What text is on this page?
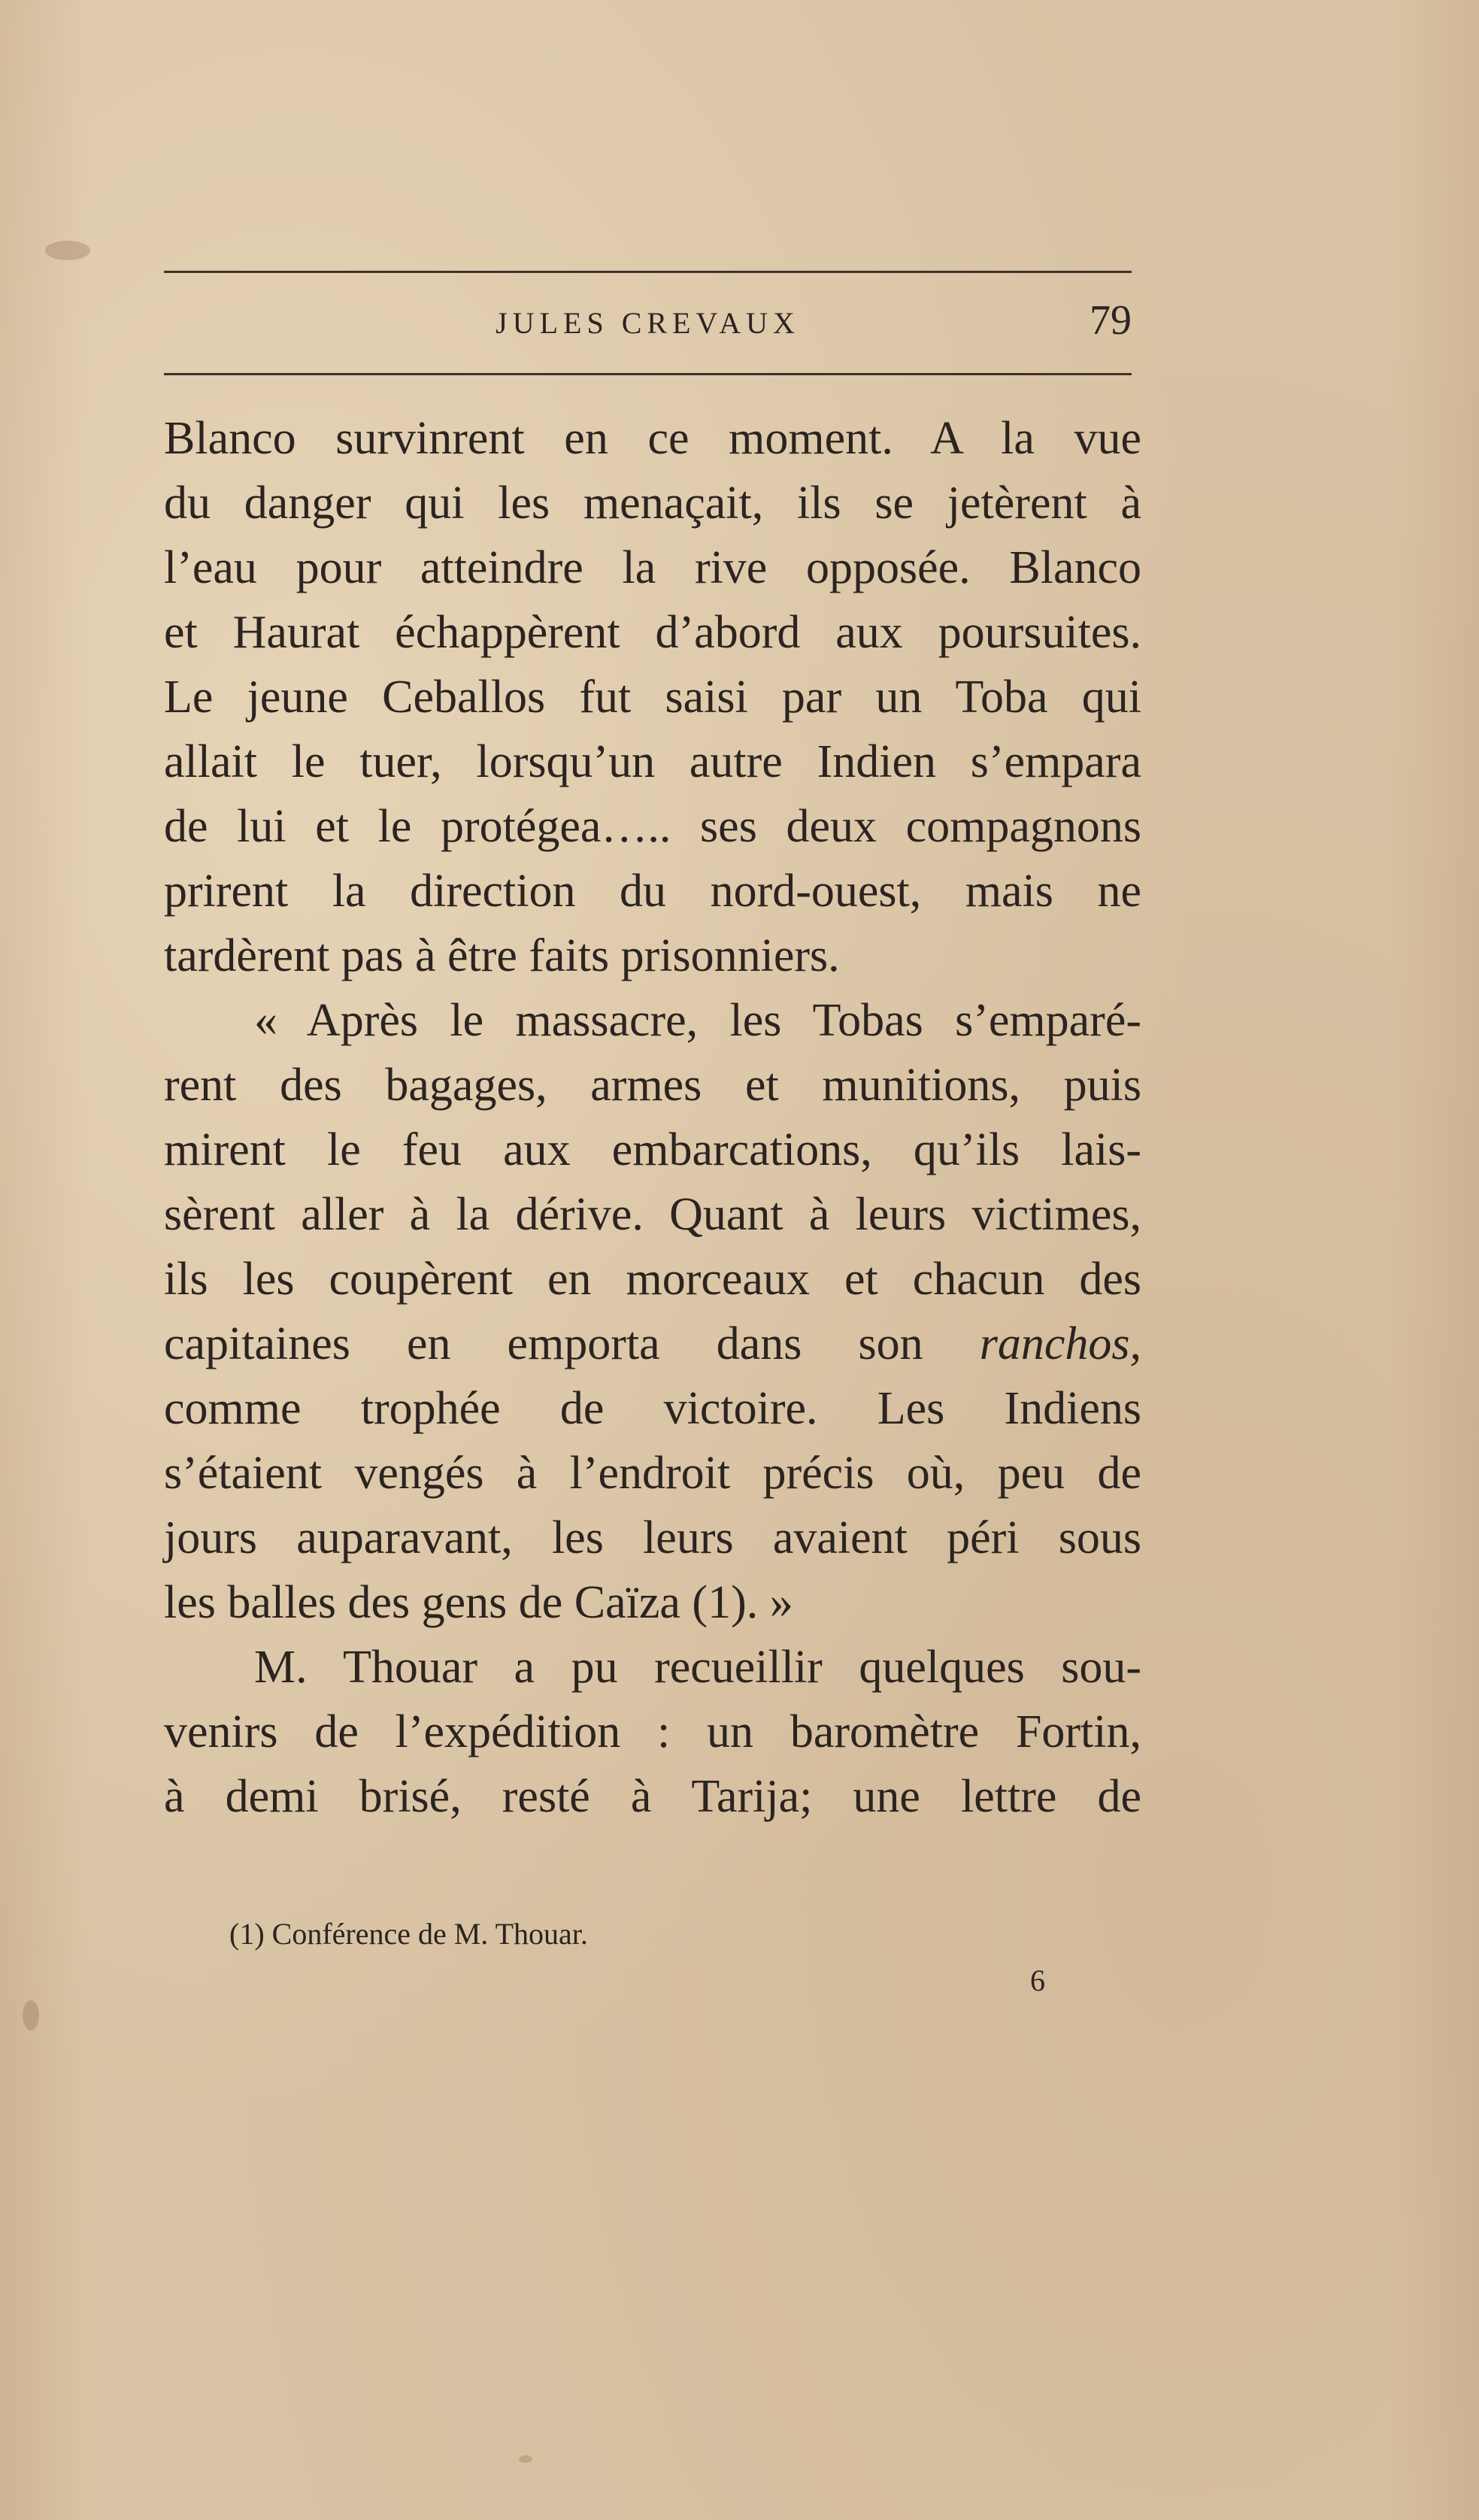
JULES CREVAUX	79
Blanco survinrent en ce moment. A la vue
du danger qui les menaçait, ils se jetèrent à
l’eau pour atteindre la rive opposée. Blanco
et Haurat échappèrent d’abord aux poursuites.
Le jeune Ceballos fut saisi par un Toba qui
allait le tuer, lorsqu’un autre Indien s’empara
de lui et le protégea….. ses deux compagnons
prirent la direction du nord-ouest, mais ne
tardèrent pas à être faits prisonniers.
« Après le massacre, les Tobas s’emparé-
rent des bagages, armes et munitions, puis
mirent le feu aux embarcations, qu’ils lais-
sèrent aller à la dérive. Quant à leurs victimes,
ils les coupèrent en morceaux et chacun des
capitaines en emporta dans son ranchos,
comme trophée de victoire. Les Indiens
s’étaient vengés à l’endroit précis où, peu de
jours auparavant, les leurs avaient péri sous
les balles des gens de Caïza (1). »
M. Thouar a pu recueillir quelques sou-
venirs de l’expédition : un baromètre Fortin,
à demi brisé, resté à Tarija; une lettre de
(1) Conférence de M. Thouar.
6
